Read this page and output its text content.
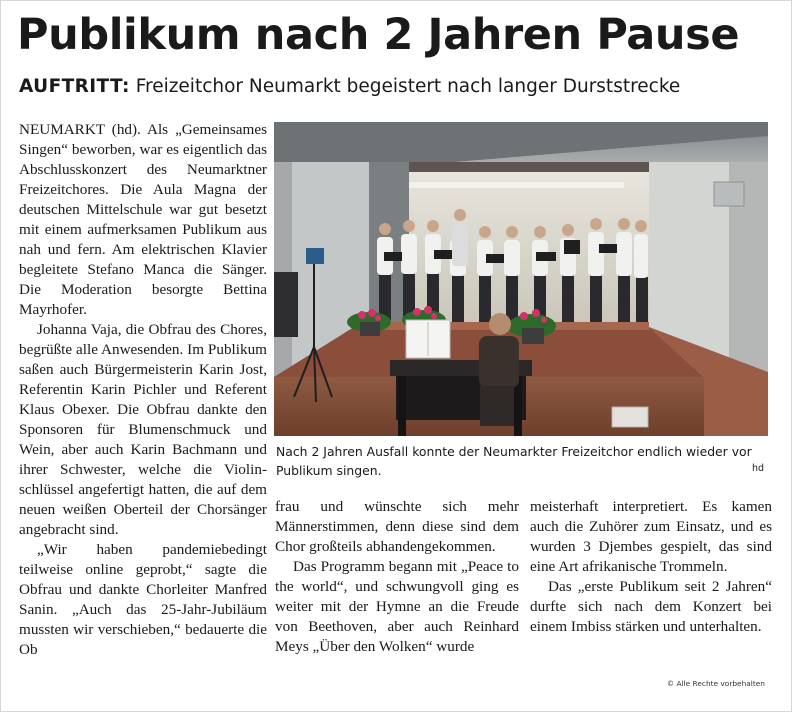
Publikum nach 2 Jahren Pause
AUFTRITT: Freizeitchor Neumarkt begeistert nach langer Durststrecke

NEUMARKT (hd). Als „Gemeinsames Singen“ beworben, war es eigentlich das Abschlusskonzert des Neumarktner Freizeitchores. Die Aula Magna der deutschen Mittelschule war gut besetzt mit einem aufmerksamen Publikum aus nah und fern. Am elektrischen Klavier begleitete Stefano Manca die Sänger. Die Moderation besorgte Bettina Mayrhofer.

Johanna Vaja, die Obfrau des Chores, begrüßte alle Anwesenden. Im Publikum saßen auch Bürgermeisterin Karin Jost, Referentin Karin Pichler und Referent Klaus Obexer. Die Obfrau dankte den Sponsoren für Blumenschmuck und Wein, aber auch Karin Bachmann und ihrer Schwester, welche die Violinschlüssel angefertigt hatten, die auf dem neuen weißen Oberteil der Chorsänger angebracht sind.

„Wir haben pandemiebedingt teilweise online geprobt,“ sagte die Obfrau und dankte Chorleiter Manfred Sanin. „Auch das 25-Jahr-Jubiläum mussten wir verschieben,“ bedauerte die Ob

Nach 2 Jahren Ausfall konnte der Neumarkter Freizeitchor endlich wieder vor Publikum singen.	hd

frau und wünschte sich mehr Männerstimmen, denn diese sind dem Chor großteils abhandengekommen.

Das Programm begann mit „Peace to the world“, und schwungvoll ging es weiter mit der Hymne an die Freude von Beethoven, aber auch Reinhard Meys „Über den Wolken“ wurde

meisterhaft interpretiert. Es kamen auch die Zuhörer zum Einsatz, und es wurden 3 Djembes gespielt, das sind eine Art afrikanische Trommeln.

Das „erste Publikum seit 2 Jahren“ durfte sich nach dem Konzert bei einem Imbiss stärken und unterhalten.

© Alle Rechte vorbehalten
